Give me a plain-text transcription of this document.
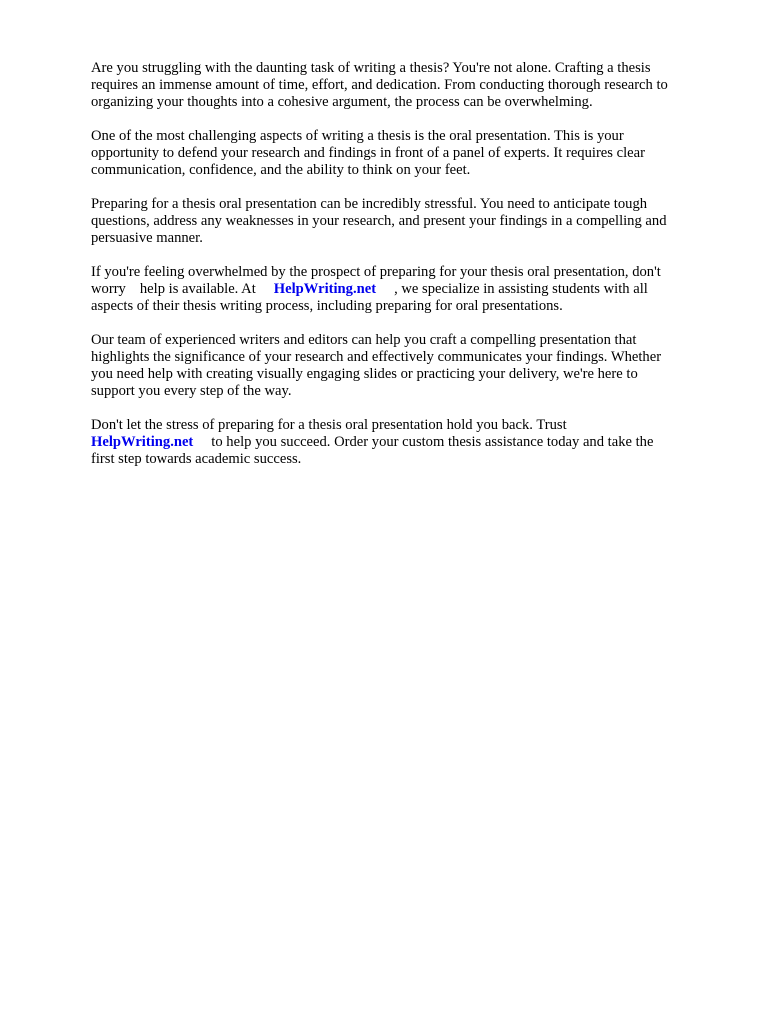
Are you struggling with the daunting task of writing a thesis? You're not alone. Crafting a thesis
requires an immense amount of time, effort, and dedication. From conducting thorough research to
organizing your thoughts into a cohesive argument, the process can be overwhelming.

One of the most challenging aspects of writing a thesis is the oral presentation. This is your
opportunity to defend your research and findings in front of a panel of experts. It requires clear
communication, confidence, and the ability to think on your feet.

Preparing for a thesis oral presentation can be incredibly stressful. You need to anticipate tough
questions, address any weaknesses in your research, and present your findings in a compelling and
persuasive manner.

If you're feeling overwhelmed by the prospect of preparing for your thesis oral presentation, don't
worry help is available. At HelpWriting.net , we specialize in assisting students with all
aspects of their thesis writing process, including preparing for oral presentations.

Our team of experienced writers and editors can help you craft a compelling presentation that
highlights the significance of your research and effectively communicates your findings. Whether
you need help with creating visually engaging slides or practicing your delivery, we're here to
support you every step of the way.

Don't let the stress of preparing for a thesis oral presentation hold you back. Trust
HelpWriting.net to help you succeed. Order your custom thesis assistance today and take the
first step towards academic success.
